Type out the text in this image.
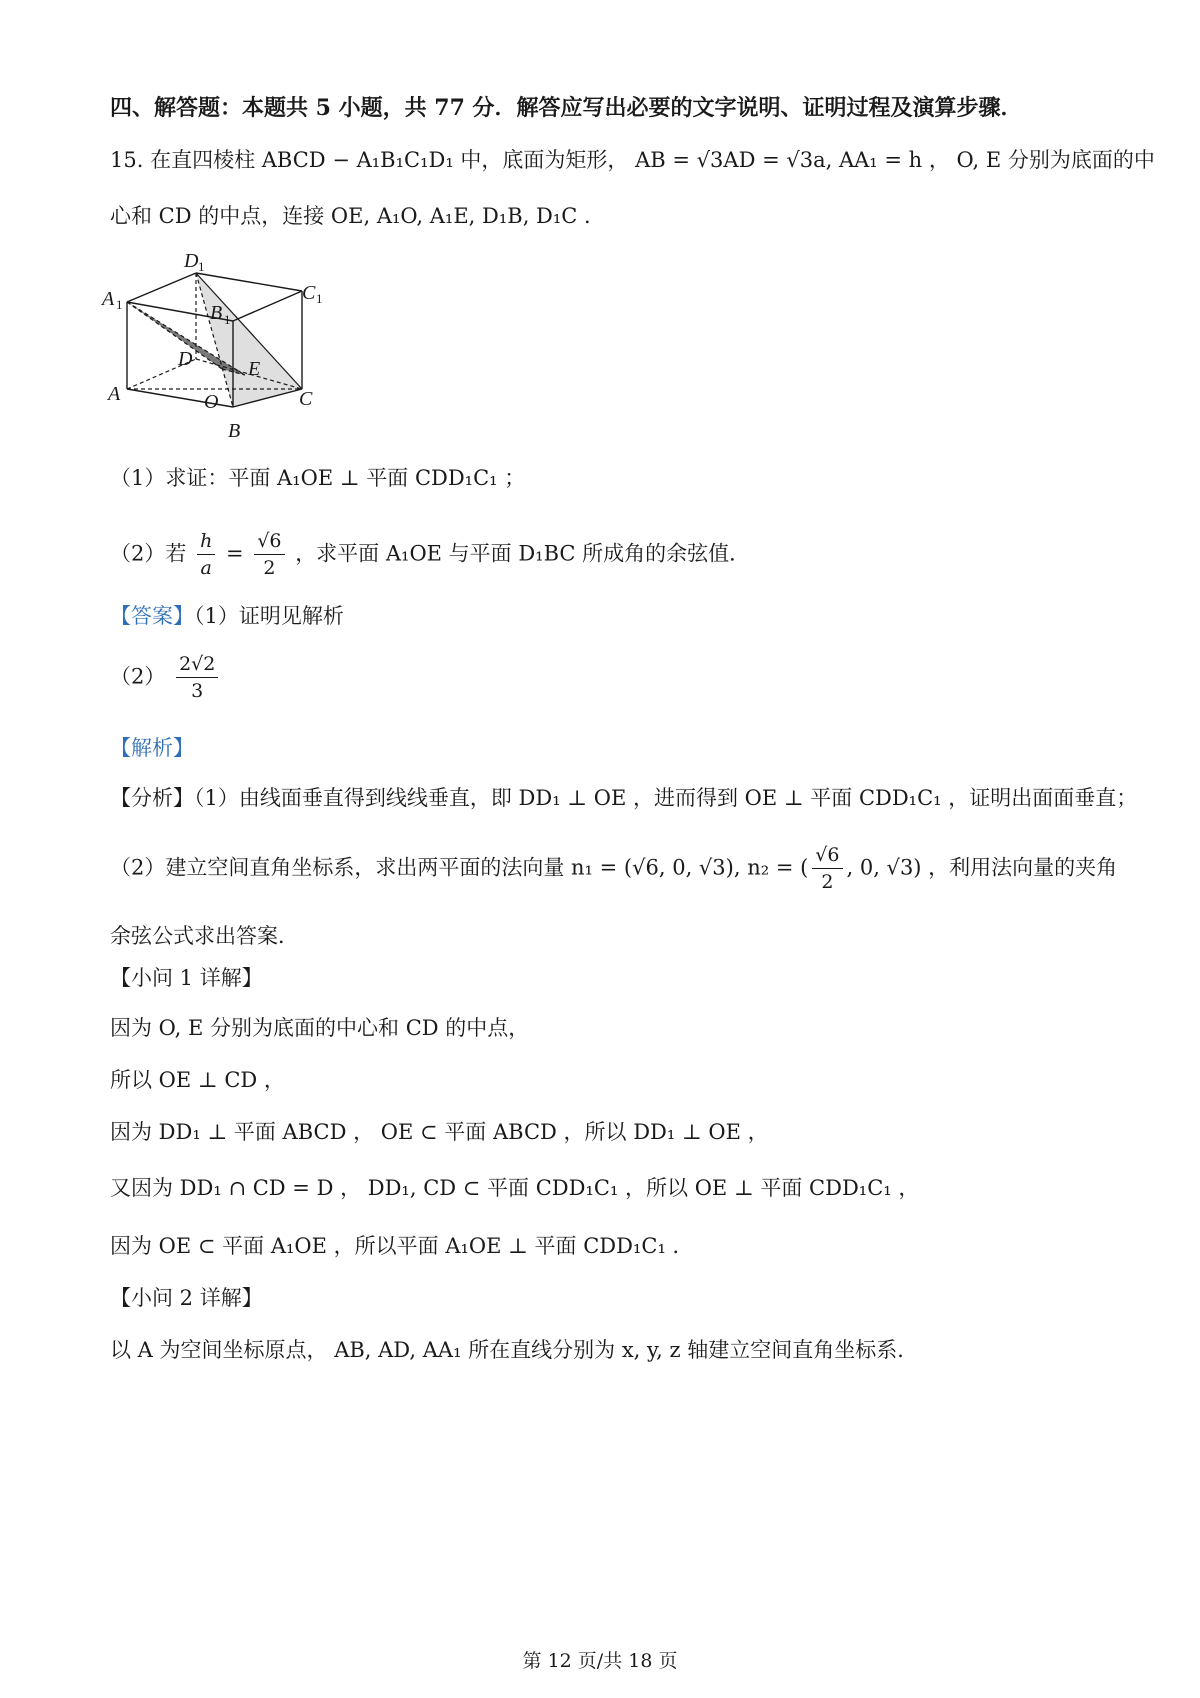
四、解答题：本题共 5 小题，共 77 分．解答应写出必要的文字说明、证明过程及演算步骤．
15. 在直四棱柱 ABCD − A₁B₁C₁D₁ 中，底面为矩形， AB = √3AD = √3a, AA₁ = h ， O, E 分别为底面的中
心和 CD 的中点，连接 OE, A₁O, A₁E, D₁B, D₁C ．
D 1
A 1	B 1
C 1
A
B
C
D
O
E
（1）求证：平面 A₁OE ⊥ 平面 CDD₁C₁ ；
（2）若 $\frac{h}{a} = \frac{√6}{2}$ ，求平面 A₁OE 与平面 D₁BC 所成角的余弦值．
【答案】（1）证明见解析
$(2) \frac{2√2}{3}$
【解析】
【分析】（1）由线面垂直得到线线垂直，即 DD₁ ⊥ OE ，进而得到 OE ⊥ 平面 CDD₁C₁ ，证明出面面垂直；
（2）建立空间直角坐标系，求出两平面的法向量 n₁ = (√6, 0, √3), n₂ = ( $\frac{√6}{2}$ , 0, √3) ，利用法向量的夹角
余弦公式求出答案．
【小问 1 详解】
因为 O, E 分别为底面的中心和 CD 的中点，
所以 OE ⊥ CD ，
因为 DD₁ ⊥ 平面 ABCD ， OE ⊂ 平面 ABCD ，所以 DD₁ ⊥ OE ，
又因为 DD₁ ∩ CD = D ， DD₁, CD ⊂ 平面 CDD₁C₁ ，所以 OE ⊥ 平面 CDD₁C₁ ，
因为 OE ⊂ 平面 A₁OE ，所以平面 A₁OE ⊥ 平面 CDD₁C₁ ．
【小问 2 详解】
以 A 为空间坐标原点， AB, AD, AA₁ 所在直线分别为 x, y, z 轴建立空间直角坐标系．
第 12 页/共 18 页
